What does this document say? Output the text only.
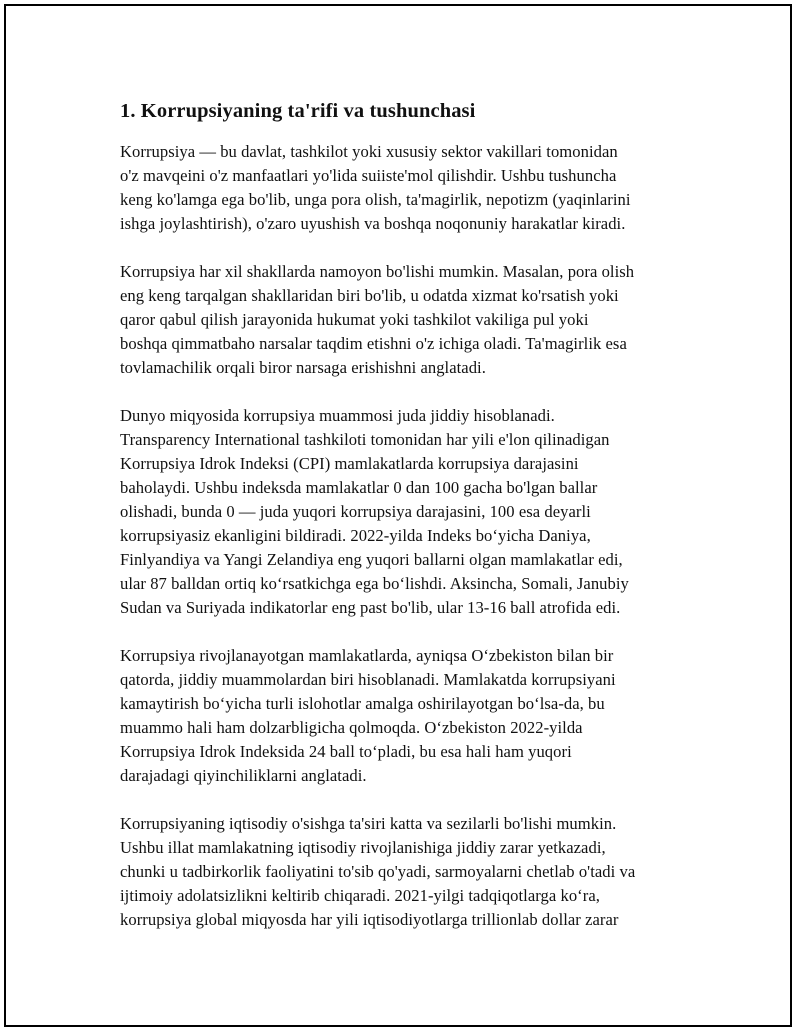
1. Korrupsiyaning ta'rifi va tushunchasi

Korrupsiya — bu davlat, tashkilot yoki xususiy sektor vakillari tomonidan
o'z mavqeini o'z manfaatlari yo'lida suiiste'mol qilishdir. Ushbu tushuncha
keng ko'lamga ega bo'lib, unga pora olish, ta'magirlik, nepotizm (yaqinlarini
ishga joylashtirish), o'zaro uyushish va boshqa noqonuniy harakatlar kiradi.

Korrupsiya har xil shakllarda namoyon bo'lishi mumkin. Masalan, pora olish
eng keng tarqalgan shakllaridan biri bo'lib, u odatda xizmat ko'rsatish yoki
qaror qabul qilish jarayonida hukumat yoki tashkilot vakiliga pul yoki
boshqa qimmatbaho narsalar taqdim etishni o'z ichiga oladi. Ta'magirlik esa
tovlamachilik orqali biror narsaga erishishni anglatadi.

Dunyo miqyosida korrupsiya muammosi juda jiddiy hisoblanadi.
Transparency International tashkiloti tomonidan har yili e'lon qilinadigan
Korrupsiya Idrok Indeksi (CPI) mamlakatlarda korrupsiya darajasini
baholaydi. Ushbu indeksda mamlakatlar 0 dan 100 gacha bo'lgan ballar
olishadi, bunda 0 — juda yuqori korrupsiya darajasini, 100 esa deyarli
korrupsiyasiz ekanligini bildiradi. 2022-yilda Indeks bo‘yicha Daniya,
Finlyandiya va Yangi Zelandiya eng yuqori ballarni olgan mamlakatlar edi,
ular 87 balldan ortiq ko‘rsatkichga ega bo‘lishdi. Aksincha, Somali, Janubiy
Sudan va Suriyada indikatorlar eng past bo'lib, ular 13-16 ball atrofida edi.

Korrupsiya rivojlanayotgan mamlakatlarda, ayniqsa O‘zbekiston bilan bir
qatorda, jiddiy muammolardan biri hisoblanadi. Mamlakatda korrupsiyani
kamaytirish bo‘yicha turli islohotlar amalga oshirilayotgan bo‘lsa-da, bu
muammo hali ham dolzarbligicha qolmoqda. O‘zbekiston 2022-yilda
Korrupsiya Idrok Indeksida 24 ball to‘pladi, bu esa hali ham yuqori
darajadagi qiyinchiliklarni anglatadi.

Korrupsiyaning iqtisodiy o'sishga ta'siri katta va sezilarli bo'lishi mumkin.
Ushbu illat mamlakatning iqtisodiy rivojlanishiga jiddiy zarar yetkazadi,
chunki u tadbirkorlik faoliyatini to'sib qo'yadi, sarmoyalarni chetlab o'tadi va
ijtimoiy adolatsizlikni keltirib chiqaradi. 2021-yilgi tadqiqotlarga ko‘ra,
korrupsiya global miqyosda har yili iqtisodiyotlarga trillionlab dollar zarar
